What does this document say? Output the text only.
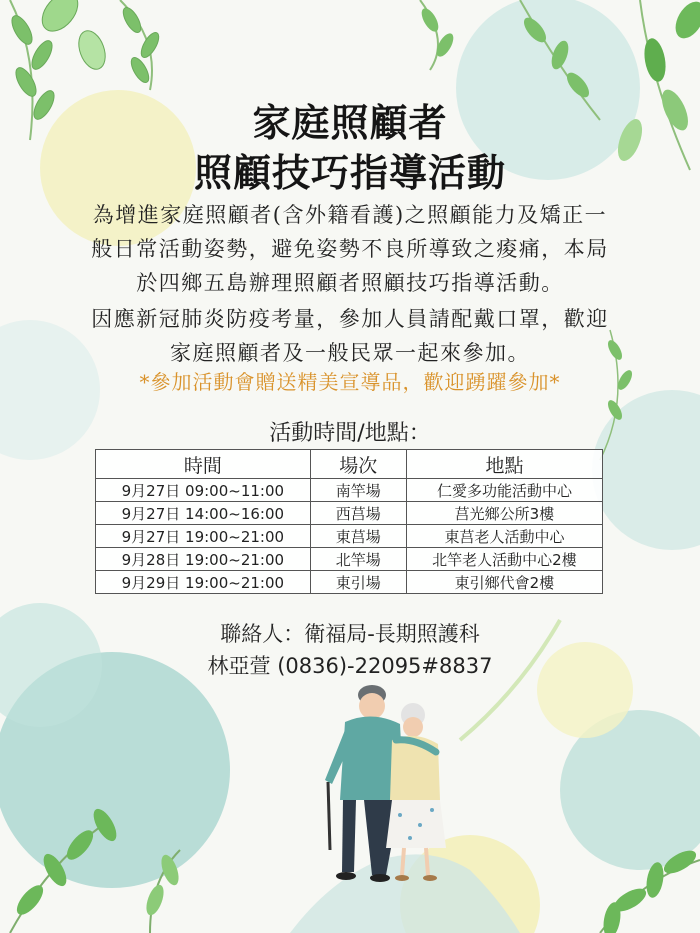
家庭照顧者
照顧技巧指導活動
為增進家庭照顧者(含外籍看護)之照顧能力及矯正一
般日常活動姿勢，避免姿勢不良所導致之痠痛，本局
於四鄉五島辦理照顧者照顧技巧指導活動。
因應新冠肺炎防疫考量，參加人員請配戴口罩，歡迎
家庭照顧者及一般民眾一起來參加。
*參加活動會贈送精美宣導品，歡迎踴躍參加*
活動時間/地點：
時間	場次	地點
9月27日 09:00~11:00	南竿場	仁愛多功能活動中心
9月27日 14:00~16:00	西莒場	莒光鄉公所3樓
9月27日 19:00~21:00	東莒場	東莒老人活動中心
9月28日 19:00~21:00	北竿場	北竿老人活動中心2樓
9月29日 19:00~21:00	東引場	東引鄉代會2樓
聯絡人：衛福局-長期照護科
林亞萱 (0836)-22095#8837
